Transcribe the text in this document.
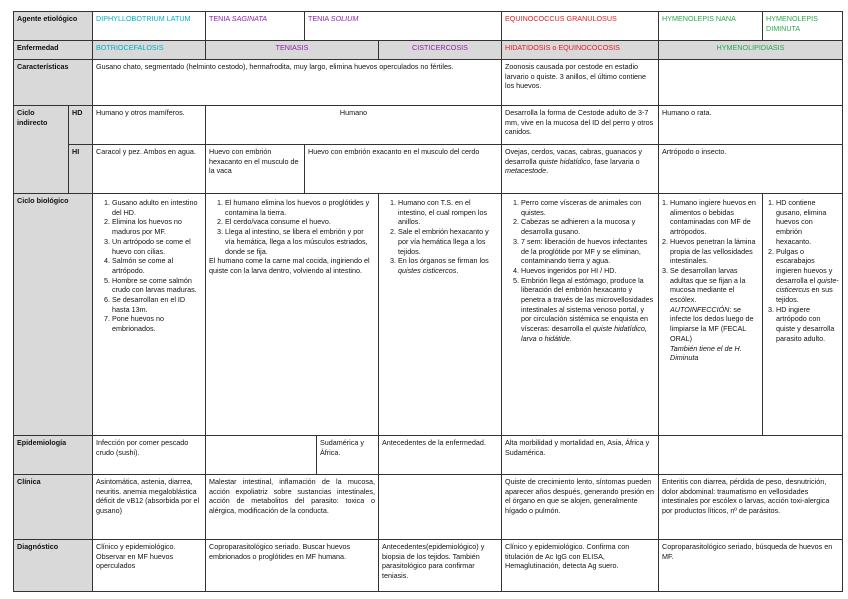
Agente etiológico	DIPHYLLOBOTRIUM LATUM	TENIA SAGINATA	TENIA SOLIUM	EQUINOCOCCUS GRANULOSUS	HYMENOLEPIS NANA	HYMENOLEPIS DIMINUTA
Enfermedad	BOTRIOCEFALOSIS	TENIASIS	CISTICERCOSIS	HIDATIDOSIS o EQUINOCOCOSIS	HYMENOLIPIDIASIS
Características	Gusano chato, segmentado (helminto cestodo), hermafrodita, muy largo, elimina huevos operculados no fértiles.	Zoonosis causada por cestode en estadio larvario o quiste. 3 anillos, el último contiene los huevos.
Ciclo indirecto
HD	Humano y otros mamíferos.	Humano	Desarrolla la forma de Cestode adulto de 3-7 mm, vive en la mucosa del ID del perro y otros canidos.
Humano o rata.
HI	Caracol y pez. Ambos en agua.	Huevo con embrión hexacanto en el musculo de la vaca
Huevo con embrión exacanto en el musculo del cerdo	Ovejas, cerdos, vacas, cabras, guanacos y desarrolla quiste hidatídico, fase larvaria o metacestode.
Artrópodo o insecto.
Ciclo biológico
1.	Gusano adulto en intestino del HD.
2. Elimina los huevos no maduros por MF.
3. Un artrópodo se come el huevo con cilias.
4. Salmón se come al artrópodo.
5. Hombre se come salmón crudo con larvas maduras.
6. Se desarrollan en el ID hasta 13m.
7. Pone huevos no embrionados.
1. El humano elimina los huevos o proglótides y contamina la tierra.
2. El cerdo/vaca consume el huevo.
3. Llega al intestino, se libera el embrión y por vía hemática, llega a los músculos estriados, donde se fija.
El humano come la carne mal cocida, ingiriendo el quiste con la larva dentro, volviendo al intestino.
1. Humano con T.S. en el intestino, el cual rompen los anillos.
2. Sale el embrión hexacanto y por vía hemática llega a los tejidos.
3. En los órganos se firman los quistes cisticercos.
1. Perro come vísceras de animales con quistes.
2. Cabezas se adhieren a la mucosa y desarrolla gusano.
3. 7 sem: liberación de huevos infectantes de la proglótide por MF y se eliminan, contaminando tierra y agua.
4. Huevos ingeridos por HI / HD.
5. Embrión llega al estómago, produce la liberación del embrión hexacanto y penetra a través de las microvellosidades intestinales al sistema venoso portal, y por circulación sistémica se enquista en vísceras: desarrolla el quiste hidatídico, larva o hidátide.
1. Humano ingiere huevos en alimentos o bebidas contaminadas con MF de artrópodos.
2. Huevos penetran la lámina propia de las vellosidades intestinales.
3. Se desarrollan larvas adultas que se fijan a la mucosa mediante el escólex.
AUTOINFECCIÓN: se infecte los dedos luego de limpiarse la MF (FECAL ORAL)
También tiene el de H. Diminuta
1. HD contiene gusano, elimina huevos con embrión hexacanto.
2. Pulgas o escarabajos ingieren huevos y desarrolla el quiste-cisticercus en sus tejidos.
3. HD ingiere artrópodo con quiste y desarrolla parasito adulto.
Epidemiología	Infección por comer pescado crudo (sushi).
Sudamérica y África.
Antecedentes de la enfermedad.	Alta morbilidad y mortalidad en, Asia, África y Sudamérica.
Clínica	Asintomática, astenia, diarrea, neuritis. anemia megaloblástica déficit de vB12 (absorbida por el gusano)
Malestar intestinal, inflamación de la mucosa, acción expoliatriz sobre sustancias intestinales, acción de metabolitos del parasito: toxica o alérgica, modificación de la conducta.
Quiste de crecimiento lento, síntomas pueden aparecer años después, generando presión en el órgano en que se alojen, generalmente hígado o pulmón.
Enteritis con diarrea, pérdida de peso, desnutrición, dolor abdominal: traumatismo en vellosidades intestinales por escólex o larvas, acción toxi-alergica por productos líticos, nº de parásitos.
Diagnóstico	Clínico y epidemiológico. Observar en MF huevos operculados
Coproparasitológico seriado. Buscar huevos embrionados o proglótides en MF humana.
Antecedentes(epidemiológico) y biopsia de los tejidos. También parasitológico para confirmar teniasis.
Clínico y epidemiológico. Confirma con titulación de Ac IgG con ELISA, Hemaglutinación, detecta Ag suero.
Coproparasitológico seriado, búsqueda de huevos en MF.
